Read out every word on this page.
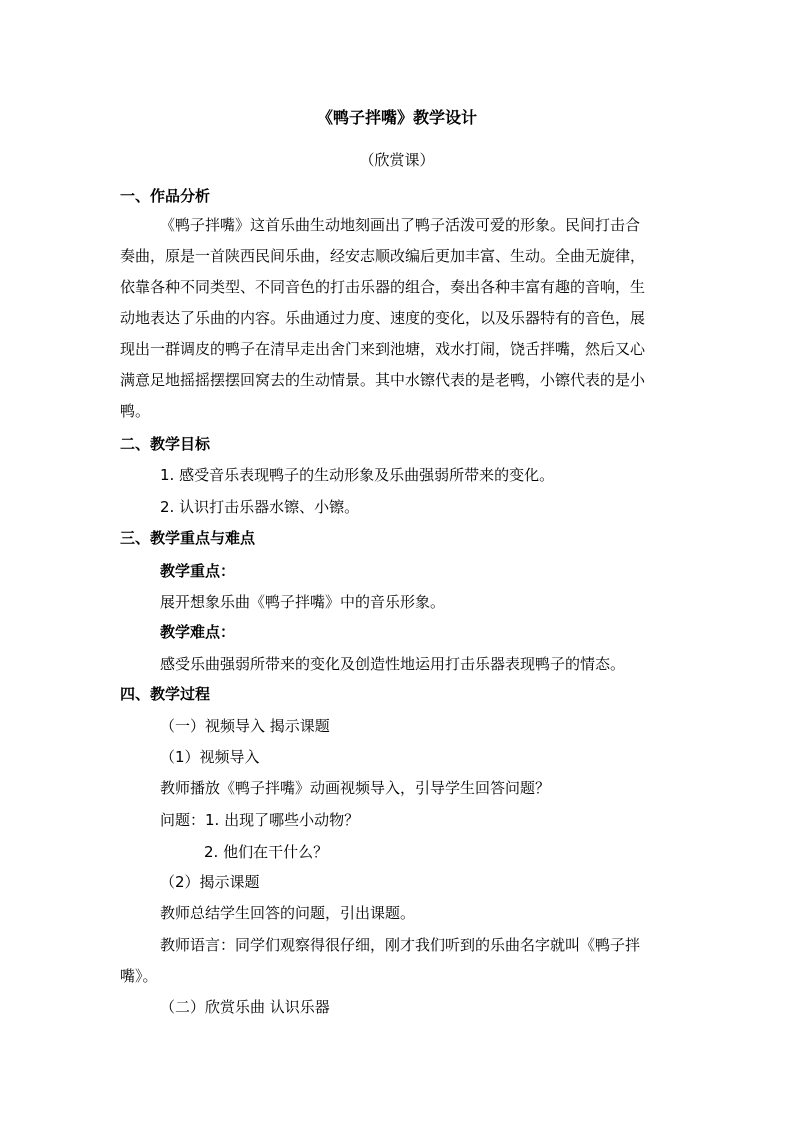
《鸭子拌嘴》教学设计
（欣赏课）
一、作品分析
《鸭子拌嘴》这首乐曲生动地刻画出了鸭子活泼可爱的形象。民间打击合
奏曲，原是一首陕西民间乐曲，经安志顺改编后更加丰富、生动。全曲无旋律，
依靠各种不同类型、不同音色的打击乐器的组合，奏出各种丰富有趣的音响，生
动地表达了乐曲的内容。乐曲通过力度、速度的变化，以及乐器特有的音色，展
现出一群调皮的鸭子在清早走出舍门来到池塘，戏水打闹，饶舌拌嘴，然后又心
满意足地摇摇摆摆回窝去的生动情景。其中水镲代表的是老鸭，小镲代表的是小
鸭。
二、教学目标
1. 感受音乐表现鸭子的生动形象及乐曲强弱所带来的变化。
2. 认识打击乐器水镲、小镲。
三、教学重点与难点
教学重点：
展开想象乐曲《鸭子拌嘴》中的音乐形象。
教学难点：
感受乐曲强弱所带来的变化及创造性地运用打击乐器表现鸭子的情态。
四、教学过程
（一）视频导入 揭示课题
（1）视频导入
教师播放《鸭子拌嘴》动画视频导入，引导学生回答问题？
问题：1. 出现了哪些小动物？
2. 他们在干什么？
（2）揭示课题
教师总结学生回答的问题，引出课题。
教师语言：同学们观察得很仔细，刚才我们听到的乐曲名字就叫《鸭子拌
嘴》。
（二）欣赏乐曲 认识乐器
